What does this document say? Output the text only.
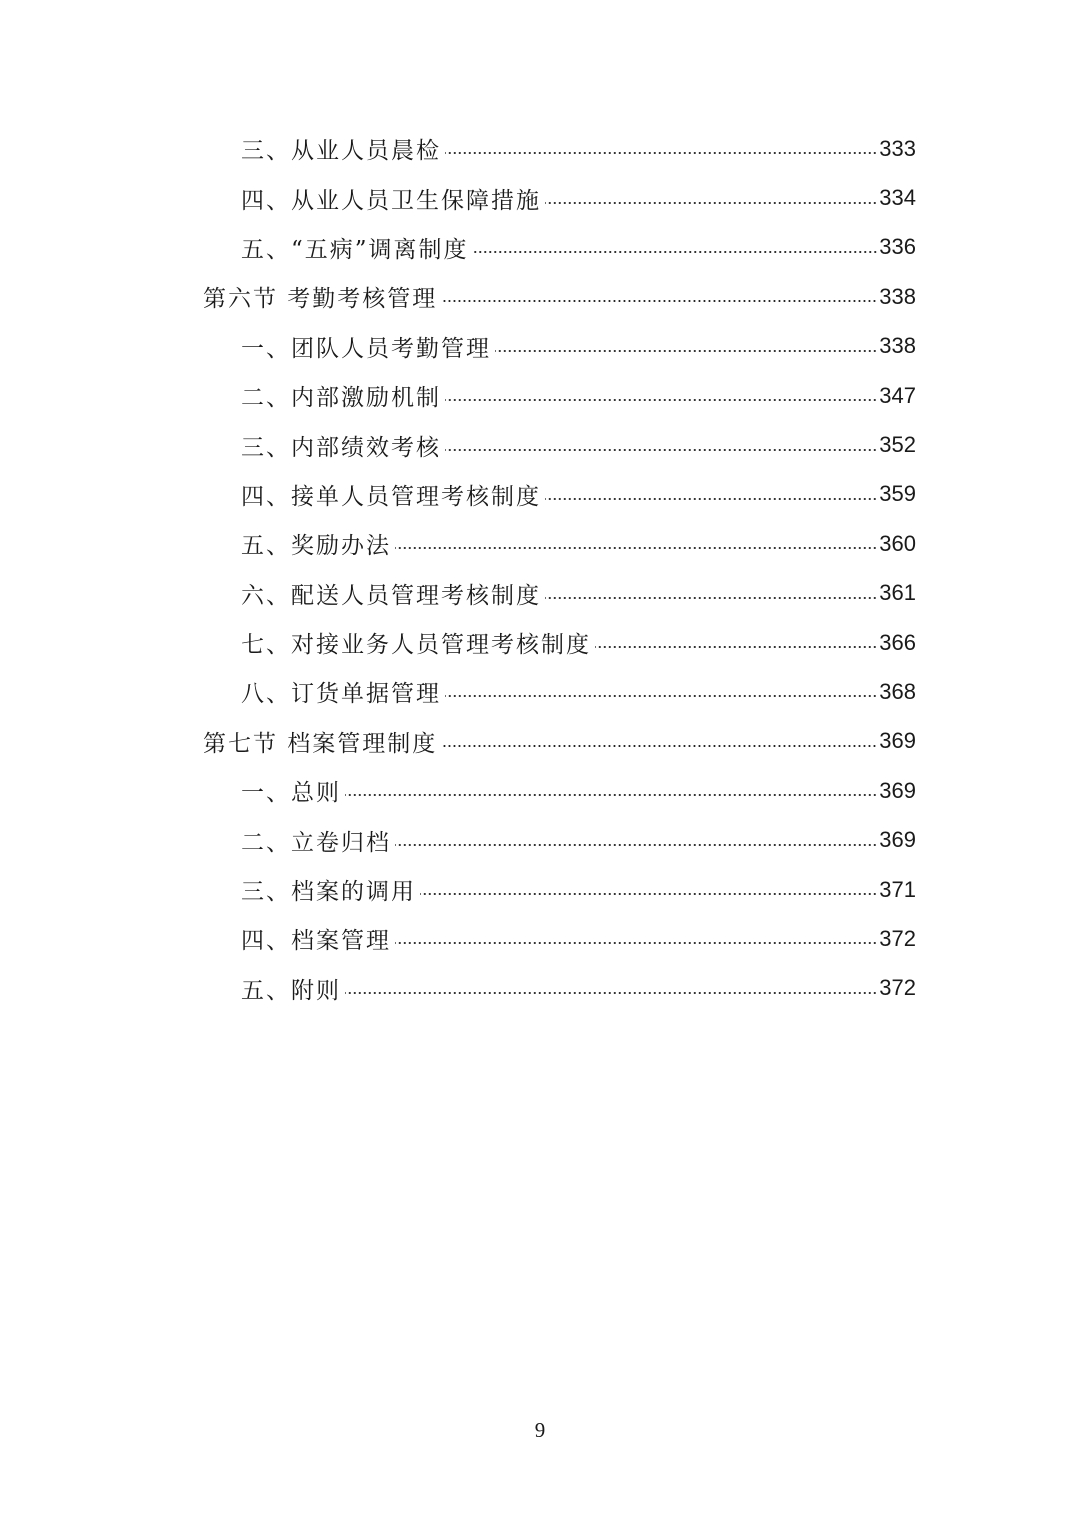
三、从业人员晨检	333
四、从业人员卫生保障措施	334
五、“五病”调离制度	336
第六节 考勤考核管理	338
一、团队人员考勤管理	338
二、内部激励机制	347
三、内部绩效考核	352
四、接单人员管理考核制度	359
五、奖励办法	360
六、配送人员管理考核制度	361
七、对接业务人员管理考核制度	366
八、订货单据管理	368
第七节 档案管理制度	369
一、总则	369
二、立卷归档	369
三、档案的调用	371
四、档案管理	372
五、附则	372
9
